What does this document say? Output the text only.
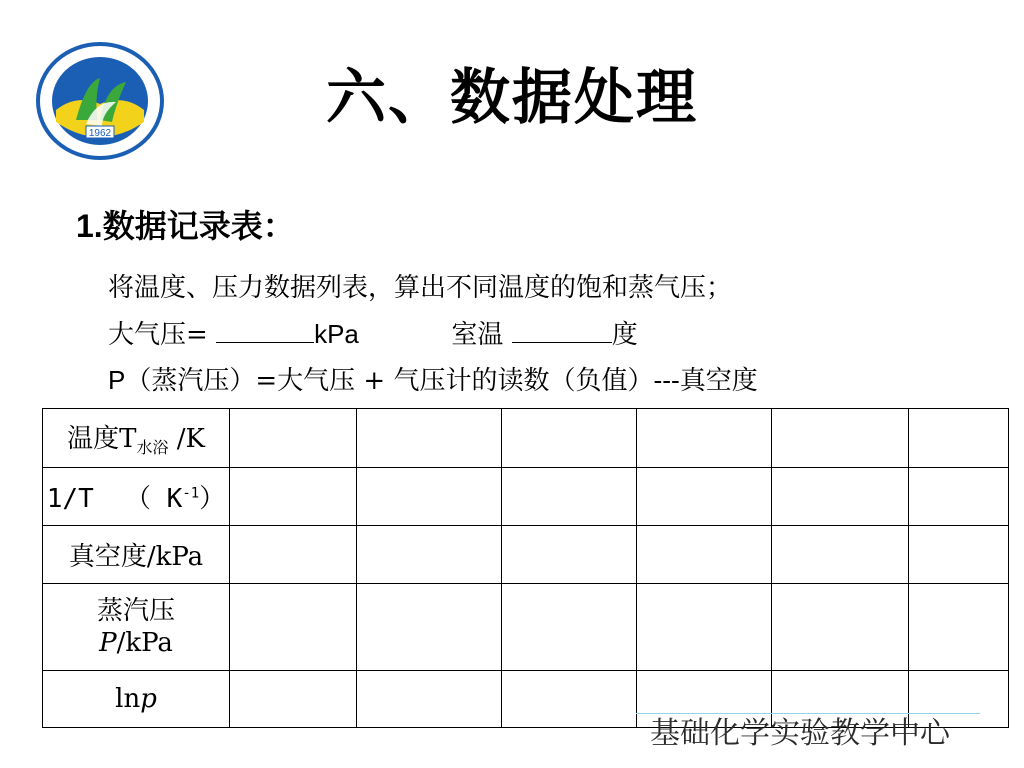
1962
六、数据处理
1.数据记录表：
将温度、压力数据列表，算出不同温度的饱和蒸气压；
大气压=	kPa	室温	度
P（蒸汽压）=大气压 + 气压计的读数（负值）---真空度
温度$T_{水浴}$ /K						
1/T  （ $K^{-1}$）						
真空度/kPa						
蒸汽压
P/kPa						
lnp						
基础化学实验教学中心
